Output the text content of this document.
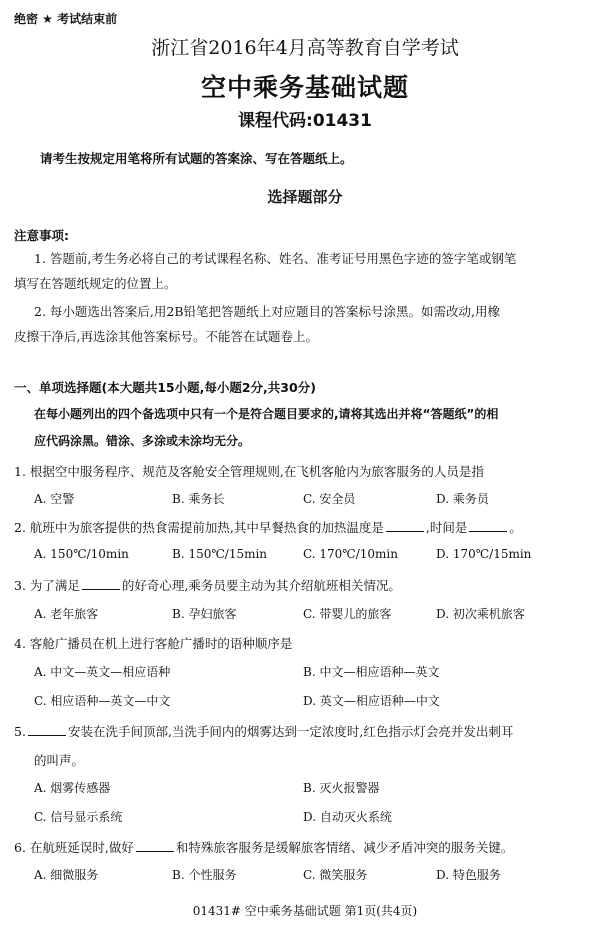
绝密 ★ 考试结束前
浙江省2016年4月高等教育自学考试
空中乘务基础试题
课程代码:01431
请考生按规定用笔将所有试题的答案涂、写在答题纸上。
选择题部分
注意事项:
1. 答题前,考生务必将自己的考试课程名称、姓名、准考证号用黑色字迹的签字笔或钢笔
填写在答题纸规定的位置上。
2. 每小题选出答案后,用2B铅笔把答题纸上对应题目的答案标号涂黑。如需改动,用橡
皮擦干净后,再选涂其他答案标号。不能答在试题卷上。
一、单项选择题(本大题共15小题,每小题2分,共30分)
在每小题列出的四个备选项中只有一个是符合题目要求的,请将其选出并将“答题纸”的相
应代码涂黑。错涂、多涂或未涂均无分。
1. 根据空中服务程序、规范及客舱安全管理规则,在飞机客舱内为旅客服务的人员是指
A. 空警	B. 乘务长	C. 安全员	D. 乘务员
2. 航班中为旅客提供的热食需提前加热,其中早餐热食的加热温度是	,时间是	。
A. 150℃/10min	B. 150℃/15min	C. 170℃/10min	D. 170℃/15min
3. 为了满足	的好奇心理,乘务员要主动为其介绍航班相关情况。
A. 老年旅客	B. 孕妇旅客	C. 带婴儿的旅客	D. 初次乘机旅客
4. 客舱广播员在机上进行客舱广播时的语种顺序是
A. 中文—英文—相应语种	B. 中文—相应语种—英文
C. 相应语种—英文—中文	D. 英文—相应语种—中文
5.	安装在洗手间顶部,当洗手间内的烟雾达到一定浓度时,红色指示灯会亮并发出刺耳
的叫声。
A. 烟雾传感器	B. 灭火报警器
C. 信号显示系统	D. 自动灭火系统
6. 在航班延误时,做好	和特殊旅客服务是缓解旅客情绪、减少矛盾冲突的服务关键。
A. 细微服务	B. 个性服务	C. 微笑服务	D. 特色服务
01431# 空中乘务基础试题 第1页(共4页)
